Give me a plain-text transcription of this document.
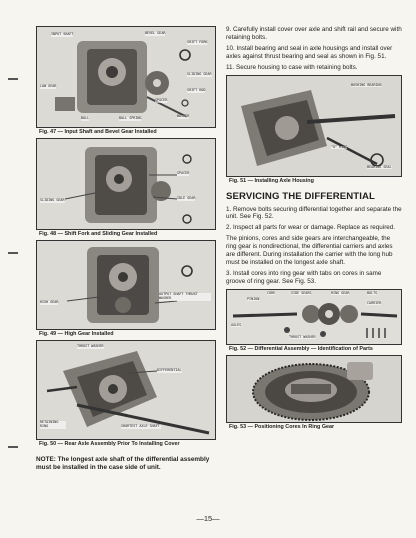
INPUT SHAFT	BEVEL GEAR
SHIFT FORK
SLIDING GEAR
LOW GEAR
SPACER
BALL	BALL SPRING	WASHER
SHIFT ROD
Fig. 47 — Input Shaft and Bevel Gear Installed
SLIDING GEAR
SPACER
IDLE GEAR
Fig. 48 — Shift Fork and Sliding Gear Installed
HIGH GEAR
OUTPUT SHAFT THRUST WASHER
Fig. 49 — High Gear Installed
THRUST WASHER
DIFFERENTIAL
RETAINING RING	SHORTEST AXLE SHAFT
Fig. 50 — Rear Axle Assembly Prior To Installing Cover
NOTE: The longest axle shaft of the differential assembly must be installed in the case side of unit.

9. Carefully install cover over axle and shift rail and secure with retaining bolts.

10. Install bearing and seal in axle housings and install over axles against thrust bearing and seal as shown in Fig. 51.

11. Secure housing to case with retaining bolts.

BUSHING BEARING
"O" RING
BEARING SEAL
Fig. 51 — Installing Axle Housing
SERVICING THE DIFFERENTIAL

1. Remove bolts securing differential together and separate the unit. See Fig. 52.

2. Inspect all parts for wear or damage. Replace as required.

The pinions, cores and side gears are interchangeable, the ring gear is nondirectional, the differential carriers and axles are different. During installation the carrier with the long hub must be installed on the longest axle shaft.

3. Install cores into ring gear with tabs on cores in same groove of ring gear. See Fig. 53.

CORE	SIDE GEARS	RING GEAR	BOLTS
PINION
CARRIER
AXLES
THRUST WASHER
Fig. 52 — Differential Assembly — Identification of Parts
Fig. 53 — Positioning Cores In Ring Gear
—15—
